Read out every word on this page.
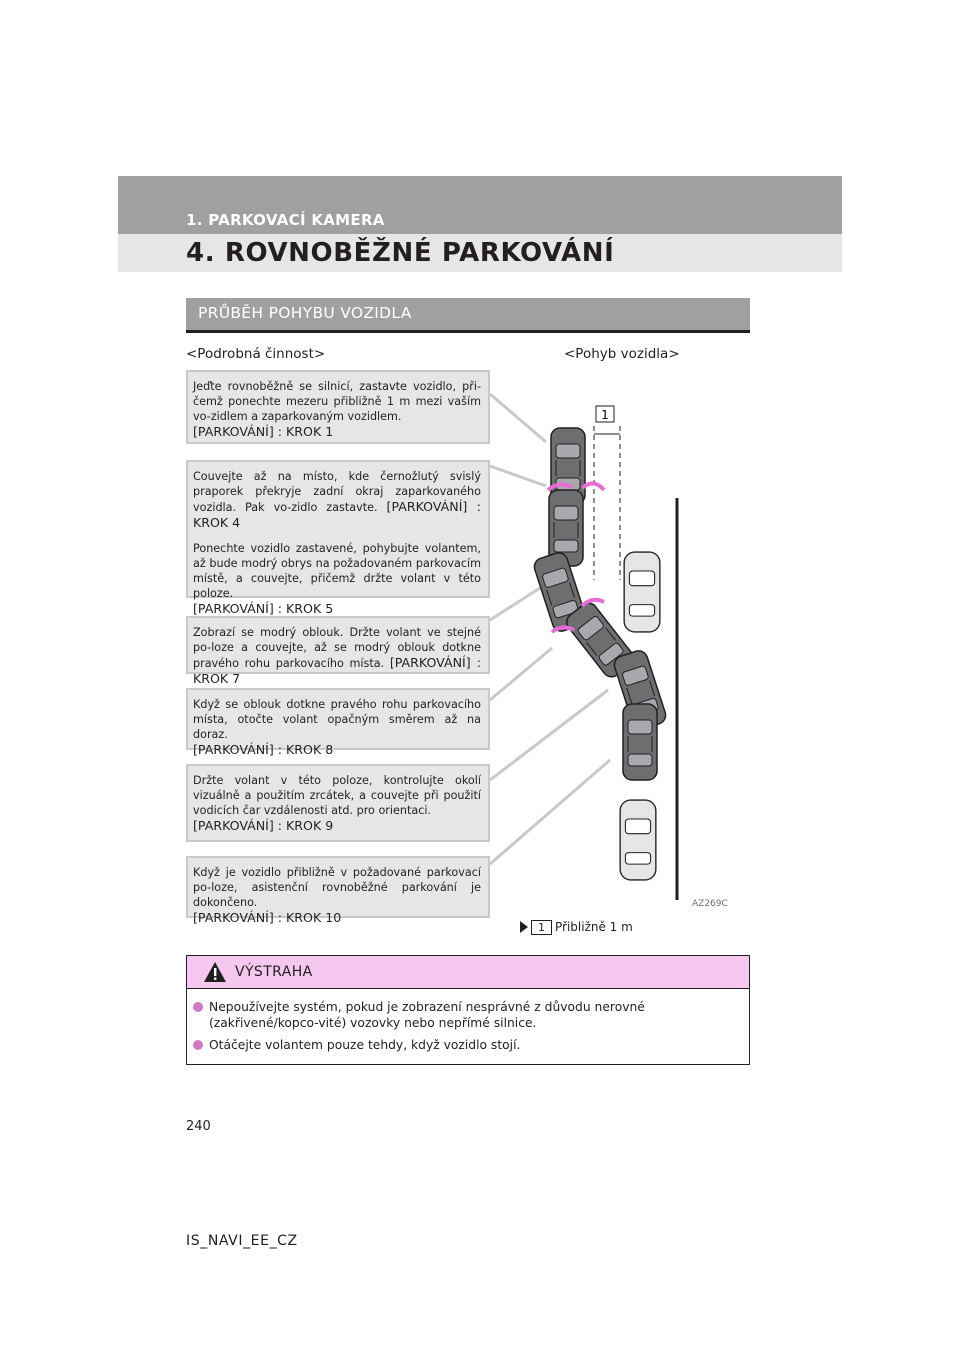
1. PARKOVACÍ KAMERA
4. ROVNOBĚŽNÉ PARKOVÁNÍ
PRŮBĚH POHYBU VOZIDLA
<Podrobná činnost>	<Pohyb vozidla>

Jeďte rovnoběžně se silnicí, zastavte vozidlo, při-čemž ponechte mezeru přibližně 1 m mezi vaším vo-zidlem a zaparkovaným vozidlem.
[PARKOVÁNÍ] : KROK 1

Couvejte až na místo, kde černožlutý svislý praporek překryje zadní okraj zaparkovaného vozidla. Pak vo-zidlo zastavte. [PARKOVÁNÍ] : KROK 4

Ponechte vozidlo zastavené, pohybujte volantem, až bude modrý obrys na požadovaném parkovacím místě, a couvejte, přičemž držte volant v této poloze.
[PARKOVÁNÍ] : KROK 5

Zobrazí se modrý oblouk. Držte volant ve stejné po-loze a couvejte, až se modrý oblouk dotkne pravého rohu parkovacího místa. [PARKOVÁNÍ] : KROK 7

Když se oblouk dotkne pravého rohu parkovacího místa, otočte volant opačným směrem až na doraz.
[PARKOVÁNÍ] : KROK 8

Držte volant v této poloze, kontrolujte okolí vizuálně a použitím zrcátek, a couvejte při použití vodicích čar vzdálenosti atd. pro orientaci.
[PARKOVÁNÍ] : KROK 9

Když je vozidlo přibližně v požadované parkovací po-loze, asistenční rovnoběžné parkování je dokončeno.
[PARKOVÁNÍ] : KROK 10

1
AZ269C
1 Přibližně 1 m
VÝSTRAHA
Nepoužívejte systém, pokud je zobrazení nesprávné z důvodu nerovné (zakřivené/kopco-vité) vozovky nebo nepřímé silnice.
Otáčejte volantem pouze tehdy, když vozidlo stojí.
240
IS_NAVI_EE_CZ
